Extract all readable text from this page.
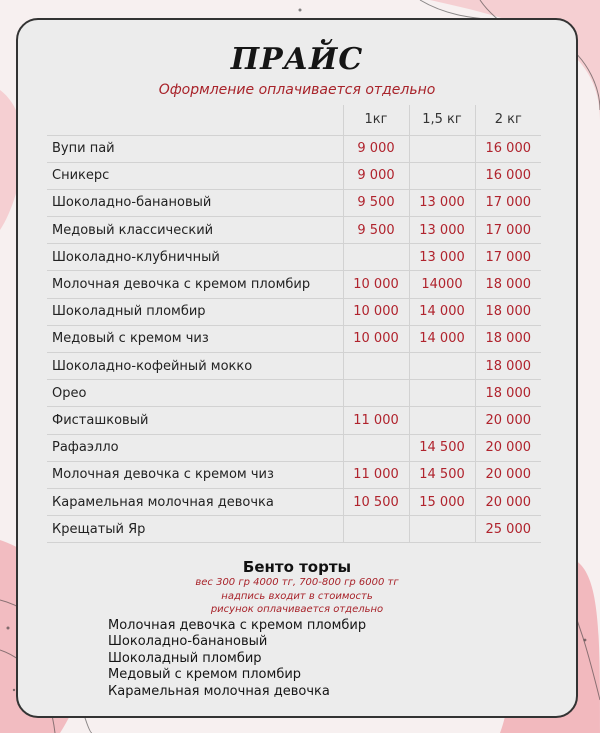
ПРАЙС
Оформление оплачивается отдельно
	1кг	1,5 кг	2 кг
Вупи пай	9 000		16 000
Сникерс	9 000		16 000
Шоколадно-банановый	9 500	13 000	17 000
Медовый классический	9 500	13 000	17 000
Шоколадно-клубничный		13 000	17 000
Молочная девочка с кремом пломбир	10 000	14000	18 000
Шоколадный пломбир	10 000	14 000	18 000
Медовый с кремом чиз	10 000	14 000	18 000
Шоколадно-кофейный мокко			18 000
Орео			18 000
Фисташковый	11 000		20 000
Рафаэлло		14 500	20 000
Молочная девочка с кремом чиз	11 000	14 500	20 000
Карамельная молочная девочка	10 500	15 000	20 000
Крещатый Яр			25 000
Бенто торты
вес 300 гр 4000 тг, 700-800 гр 6000 тг
надпись входит в стоимость
рисунок оплачивается отдельно
Молочная девочка с кремом пломбир
Шоколадно-банановый
Шоколадный пломбир
Медовый с кремом пломбир
Карамельная молочная девочка
